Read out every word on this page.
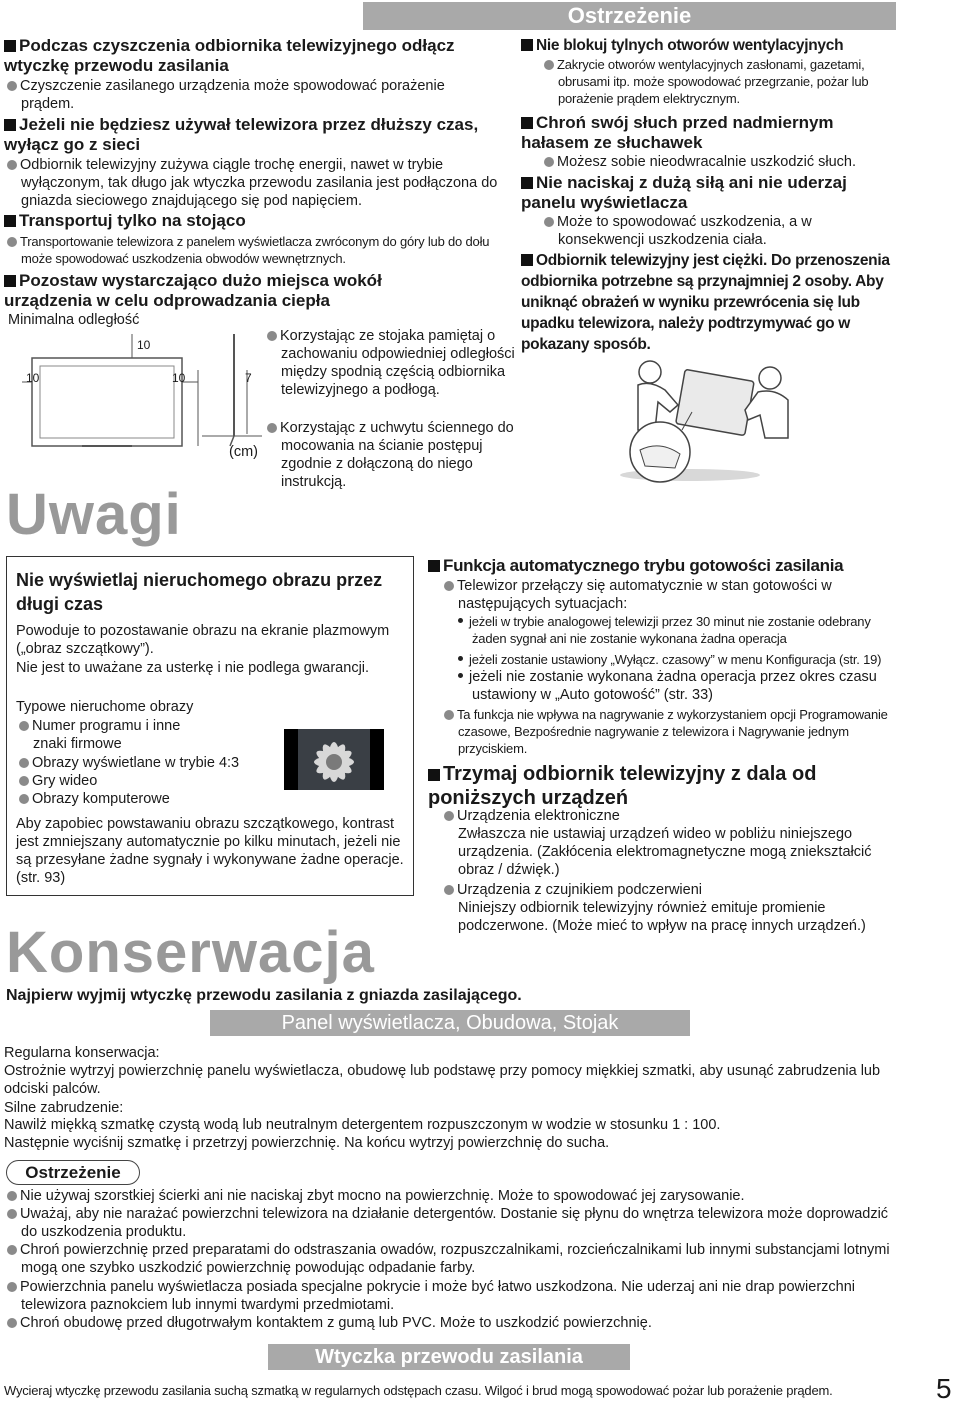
Ostrzeżenie
Podczas czyszczenia odbiornika telewizyjnego odłącz wtyczkę przewodu zasilania
Czyszczenie zasilanego urządzenia może spowodować porażenie prądem.
Jeżeli nie będziesz używał telewizora przez dłuższy czas, wyłącz go z sieci
Odbiornik telewizyjny zużywa ciągle trochę energii, nawet w trybie wyłączonym, tak długo jak wtyczka przewodu zasilania jest podłączona do gniazda sieciowego znajdującego się pod napięciem.
Transportuj tylko na stojąco
Transportowanie telewizora z panelem wyświetlacza zwróconym do góry lub do dołu może spowodować uszkodzenia obwodów wewnętrznych.
Pozostaw wystarczająco dużo miejsca wokół urządzenia w celu odprowadzania ciepła
Minimalna odległość
10
10	10	7
(cm)
Korzystając ze stojaka pamiętaj o zachowaniu odpowiedniej odległości między spodnią częścią odbiornika telewizyjnego a podłogą.
Korzystając z uchwytu ściennego do mocowania na ścianie postępuj zgodnie z dołączoną do niego instrukcją.
Nie blokuj tylnych otworów wentylacyjnych
Zakrycie otworów wentylacyjnych zasłonami, gazetami, obrusami itp. może spowodować przegrzanie, pożar lub porażenie prądem elektrycznym.
Chroń swój słuch przed nadmiernym hałasem ze słuchawek
Możesz sobie nieodwracalnie uszkodzić słuch.
Nie naciskaj z dużą siłą ani nie uderzaj panelu wyświetlacza
Może to spowodować uszkodzenia, a w konsekwencji uszkodzenia ciała.
Odbiornik telewizyjny jest ciężki. Do przenoszenia odbiornika potrzebne są przynajmniej 2 osoby. Aby uniknąć obrażeń w wyniku przewrócenia się lub upadku telewizora, należy podtrzymywać go w pokazany sposób.
Uwagi
Nie wyświetlaj nieruchomego obrazu przez długi czas
Powoduje to pozostawanie obrazu na ekranie plazmowym („obraz szczątkowy”).
Nie jest to uważane za usterkę i nie podlega gwarancji.
Typowe nieruchome obrazy
Numer programu i inne znaki firmowe
Obrazy wyświetlane w trybie 4:3
Gry wideo
Obrazy komputerowe
Aby zapobiec powstawaniu obrazu szczątkowego, kontrast jest zmniejszany automatycznie po kilku minutach, jeżeli nie są przesyłane żadne sygnały i wykonywane żadne operacje. (str. 93)
Funkcja automatycznego trybu gotowości zasilania
Telewizor przełączy się automatycznie w stan gotowości w następujących sytuacjach:
jeżeli w trybie analogowej telewizji przez 30 minut nie zostanie odebrany żaden sygnał ani nie zostanie wykonana żadna operacja
jeżeli zostanie ustawiony „Wyłącz. czasowy” w menu Konfiguracja (str. 19)
jeżeli nie zostanie wykonana żadna operacja przez okres czasu ustawiony w „Auto gotowość” (str. 33)
Ta funkcja nie wpływa na nagrywanie z wykorzystaniem opcji Programowanie czasowe, Bezpośrednie nagrywanie z telewizora i Nagrywanie jednym przyciskiem.
Trzymaj odbiornik telewizyjny z dala od poniższych urządzeń
Urządzenia elektroniczne
Zwłaszcza nie ustawiaj urządzeń wideo w pobliżu niniejszego urządzenia. (Zakłócenia elektromagnetyczne mogą zniekształcić obraz / dźwięk.)
Urządzenia z czujnikiem podczerwieni
Niniejszy odbiornik telewizyjny również emituje promienie podczerwone. (Może mieć to wpływ na pracę innych urządzeń.)
Konserwacja
Najpierw wyjmij wtyczkę przewodu zasilania z gniazda zasilającego.
Panel wyświetlacza, Obudowa, Stojak
Regularna konserwacja:
Ostrożnie wytrzyj powierzchnię panelu wyświetlacza, obudowę lub podstawę przy pomocy miękkiej szmatki, aby usunąć zabrudzenia lub odciski palców.
Silne zabrudzenie:
Nawilż miękką szmatkę czystą wodą lub neutralnym detergentem rozpuszczonym w wodzie w stosunku 1 : 100.
Następnie wyciśnij szmatkę i przetrzyj powierzchnię. Na końcu wytrzyj powierzchnię do sucha.
Ostrzeżenie
Nie używaj szorstkiej ścierki ani nie naciskaj zbyt mocno na powierzchnię. Może to spowodować jej zarysowanie.
Uważaj, aby nie narażać powierzchni telewizora na działanie detergentów. Dostanie się płynu do wnętrza telewizora może doprowadzić do uszkodzenia produktu.
Chroń powierzchnię przed preparatami do odstraszania owadów, rozpuszczalnikami, rozcieńczalnikami lub innymi substancjami lotnymi mogą one szybko uszkodzić powierzchnię powodując odpadanie farby.
Powierzchnia panelu wyświetlacza posiada specjalne pokrycie i może być łatwo uszkodzona. Nie uderzaj ani nie drap powierzchni telewizora paznokciem lub innymi twardymi przedmiotami.
Chroń obudowę przed długotrwałym kontaktem z gumą lub PVC. Może to uszkodzić powierzchnię.
Wtyczka przewodu zasilania
Wycieraj wtyczkę przewodu zasilania suchą szmatką w regularnych odstępach czasu. Wilgoć i brud mogą spowodować pożar lub porażenie prądem.	5
